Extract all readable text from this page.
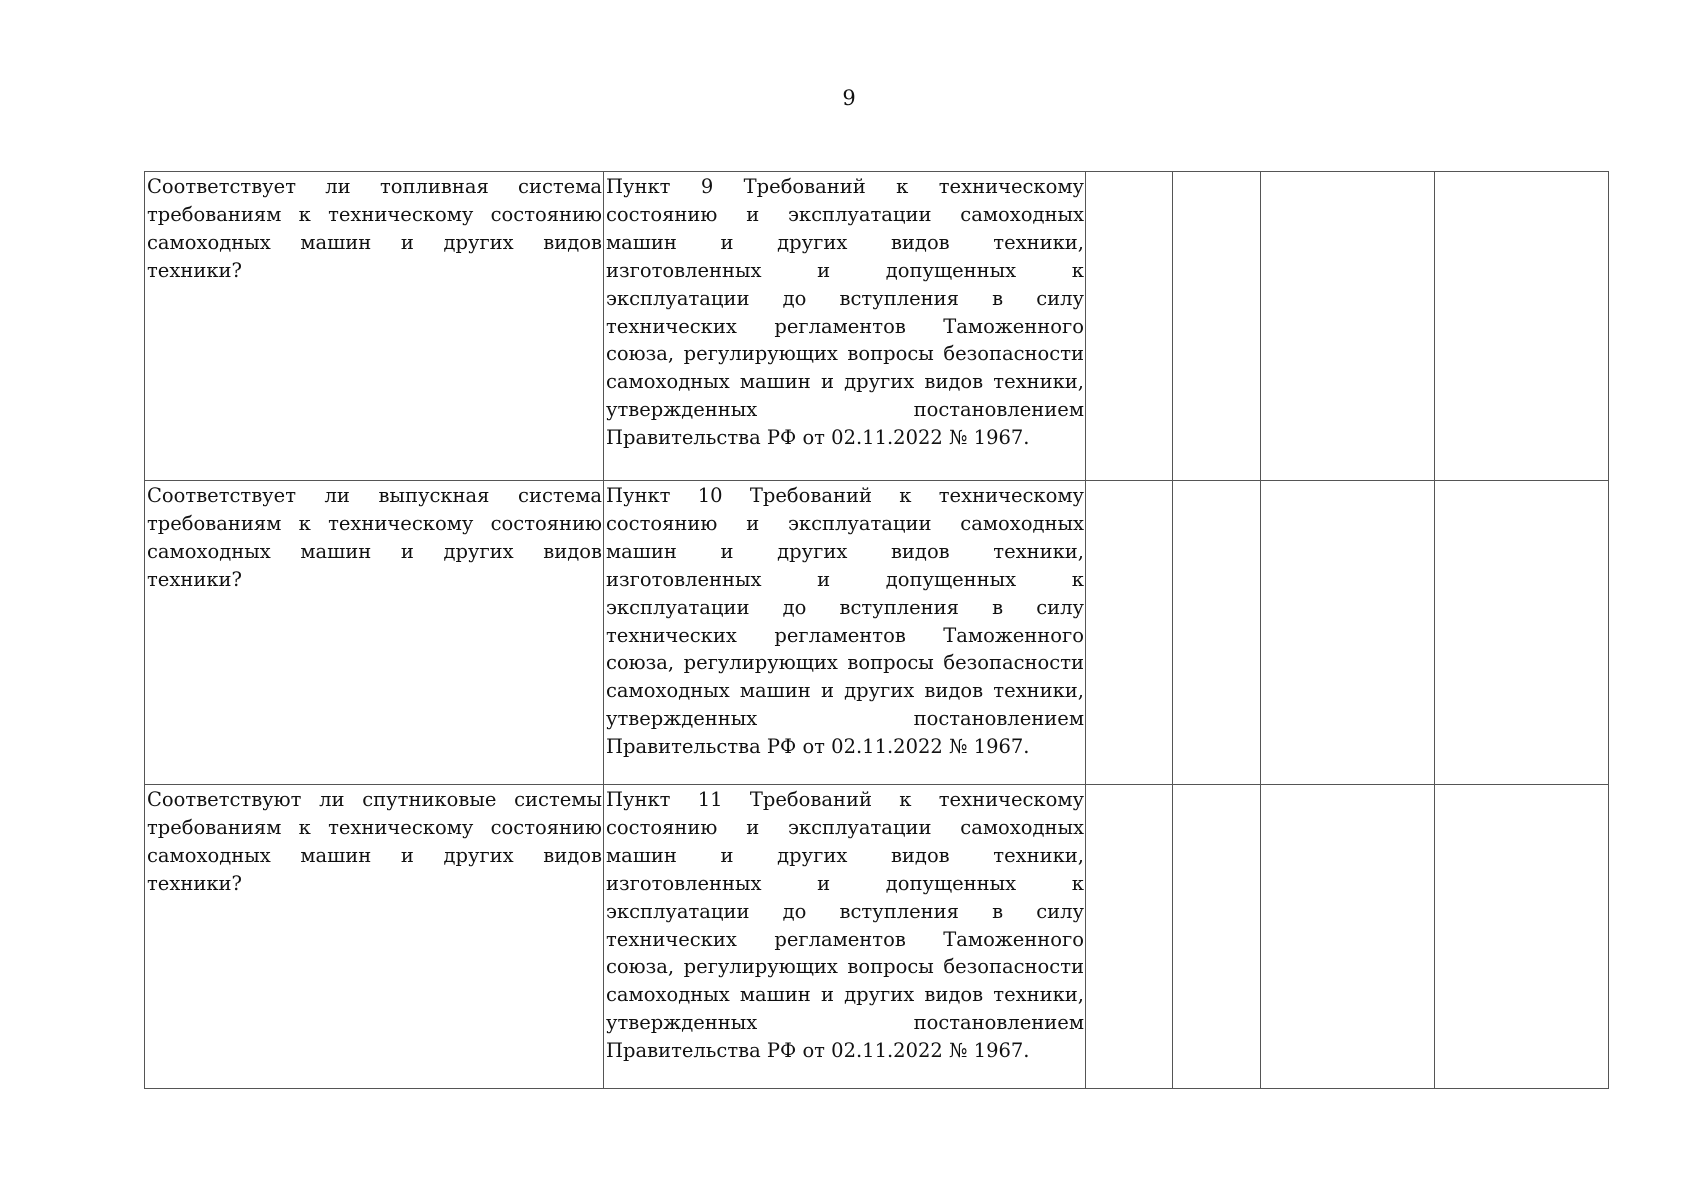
9
Соответствует ли топливная система требованиям к техническому состоянию самоходных машин и других видов техники?	Пункт 9 Требований к техническому состоянию и эксплуатации самоходных машин и других видов техники, изготовленных и допущенных к эксплуатации до вступления в силу технических регламентов Таможенного союза, регулирующих вопросы безопасности самоходных машин и других видов техники, утвержденных постановлением Правительства РФ от 02.11.2022 № 1967.				
Соответствует ли выпускная система требованиям к техническому состоянию самоходных машин и других видов техники?	Пункт 10 Требований к техническому состоянию и эксплуатации самоходных машин и других видов техники, изготовленных и допущенных к эксплуатации до вступления в силу технических регламентов Таможенного союза, регулирующих вопросы безопасности самоходных машин и других видов техники, утвержденных постановлением Правительства РФ от 02.11.2022 № 1967.				
Соответствуют ли спутниковые системы требованиям к техническому состоянию самоходных машин и других видов техники?	Пункт 11 Требований к техническому состоянию и эксплуатации самоходных машин и других видов техники, изготовленных и допущенных к эксплуатации до вступления в силу технических регламентов Таможенного союза, регулирующих вопросы безопасности самоходных машин и других видов техники, утвержденных постановлением Правительства РФ от 02.11.2022 № 1967.				
